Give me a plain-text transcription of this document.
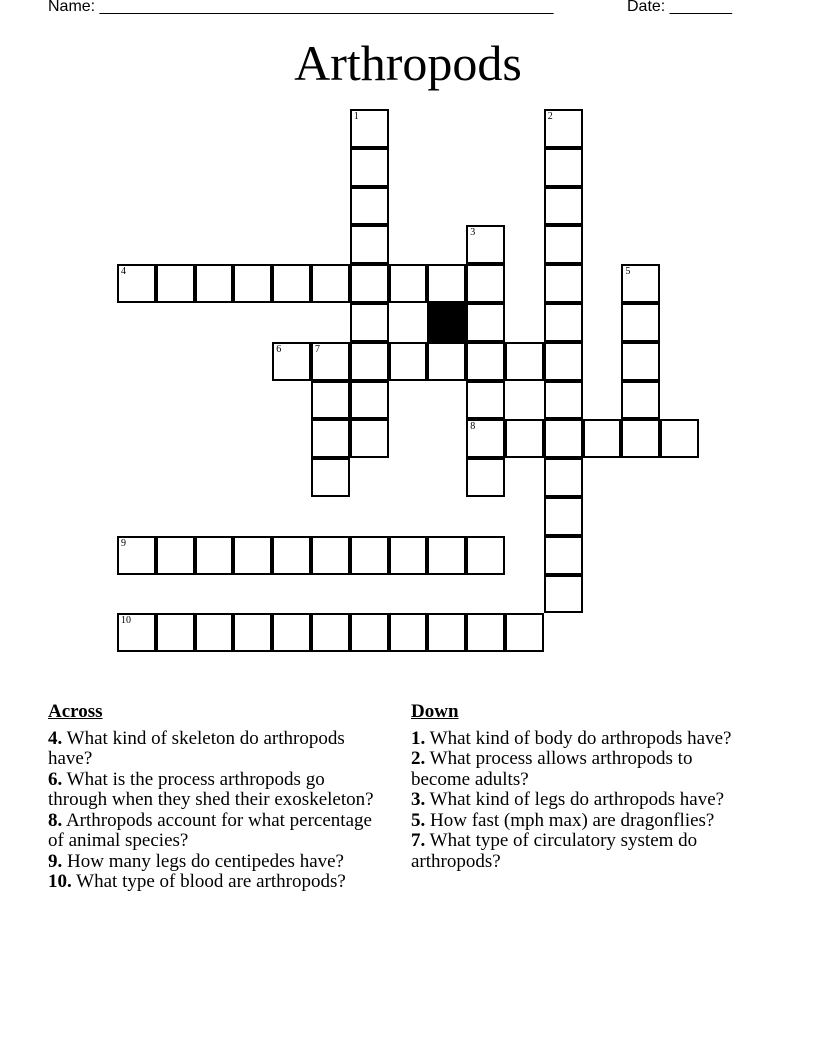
Name: ___________________________________________________	Date: _______
Arthropods
1	2
3
4	5
6	7
8
9
10
Across
4. What kind of skeleton do arthropods have?
6. What is the process arthropods go through when they shed their exoskeleton?
8. Arthropods account for what percentage of animal species?
9. How many legs do centipedes have?
10. What type of blood are arthropods?
Down
1. What kind of body do arthropods have?
2. What process allows arthropods to become adults?
3. What kind of legs do arthropods have?
5. How fast (mph max) are dragonflies?
7. What type of circulatory system do arthropods?
